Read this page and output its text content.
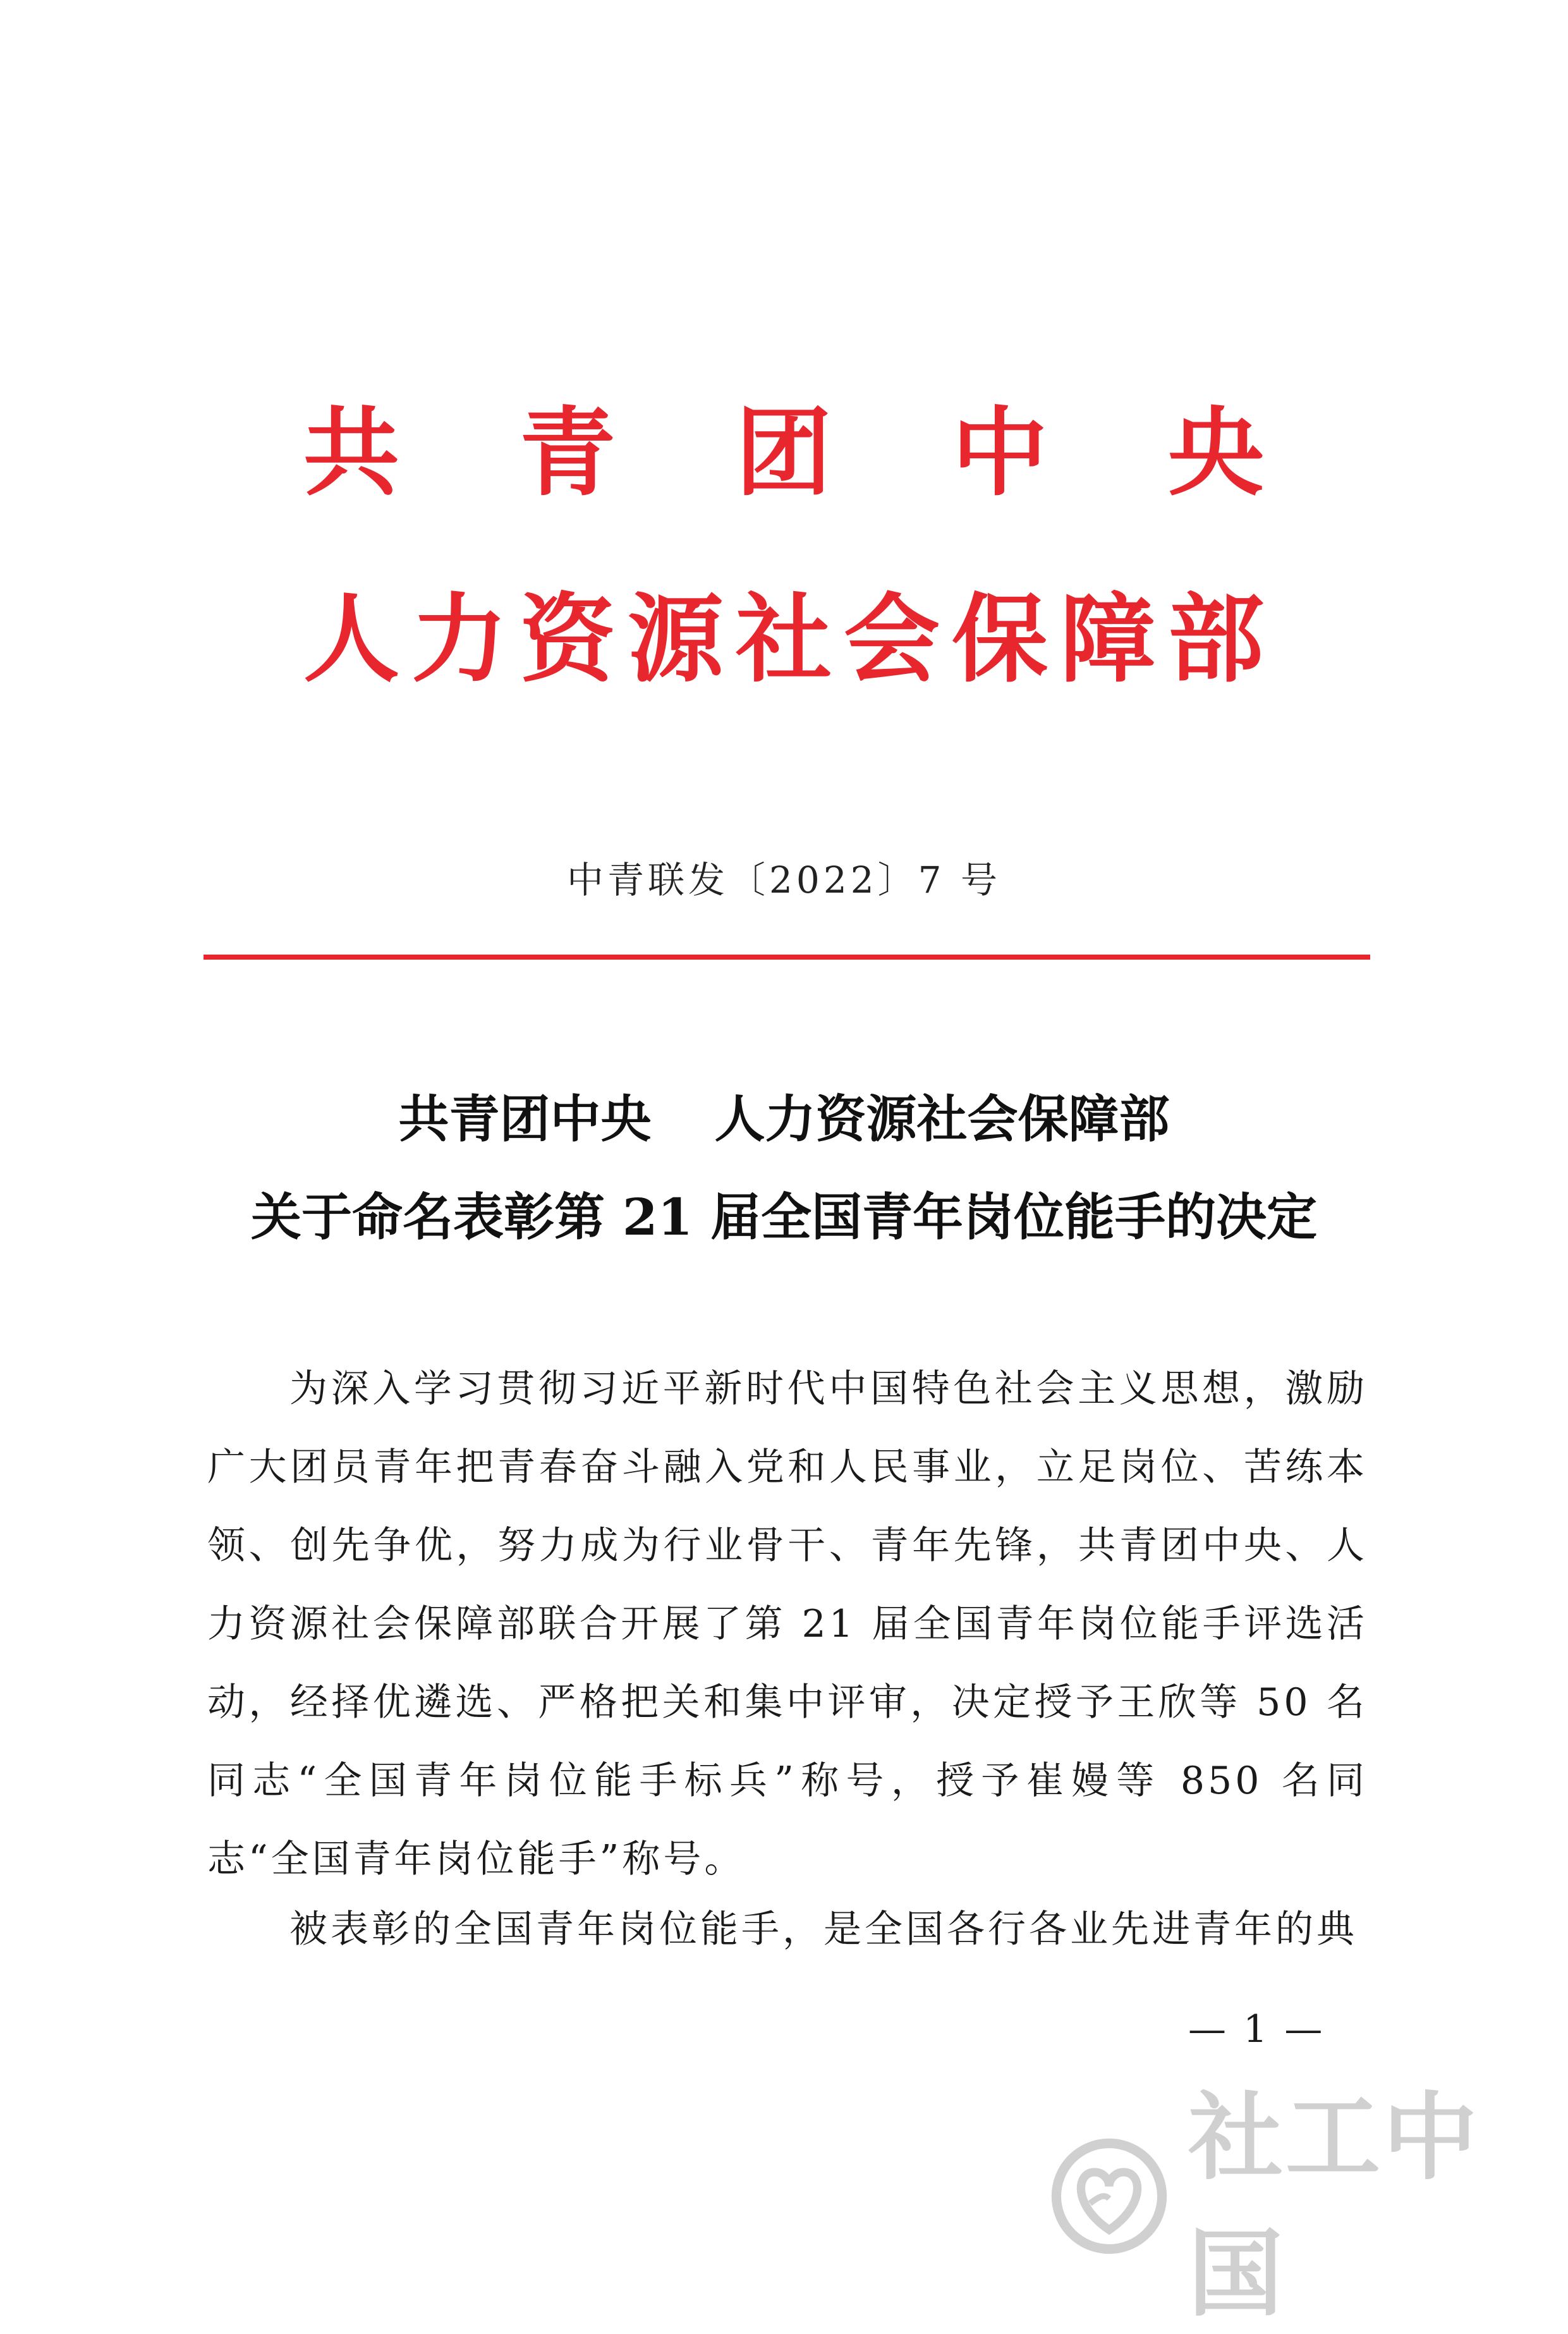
共 青 团 中 央
人 力 资 源 社 会 保 障 部
中青联发〔2022〕7 号
共青团中央 人力资源社会保障部
关于命名表彰第 21 届全国青年岗位能手的决定

为深入学习贯彻习近平新时代中国特色社会主义思想，激励广大团员青年把青春奋斗融入党和人民事业，立足岗位、苦练本领、创先争优，努力成为行业骨干、青年先锋，共青团中央、人力资源社会保障部联合开展了第 21 届全国青年岗位能手评选活动，经择优遴选、严格把关和集中评审，决定授予王欣等 50 名同志“全国青年岗位能手标兵”称号，授予崔嫚等 850 名同志“全国青年岗位能手”称号。

被表彰的全国青年岗位能手，是全国各行各业先进青年的典

— 1 —
社工中国
